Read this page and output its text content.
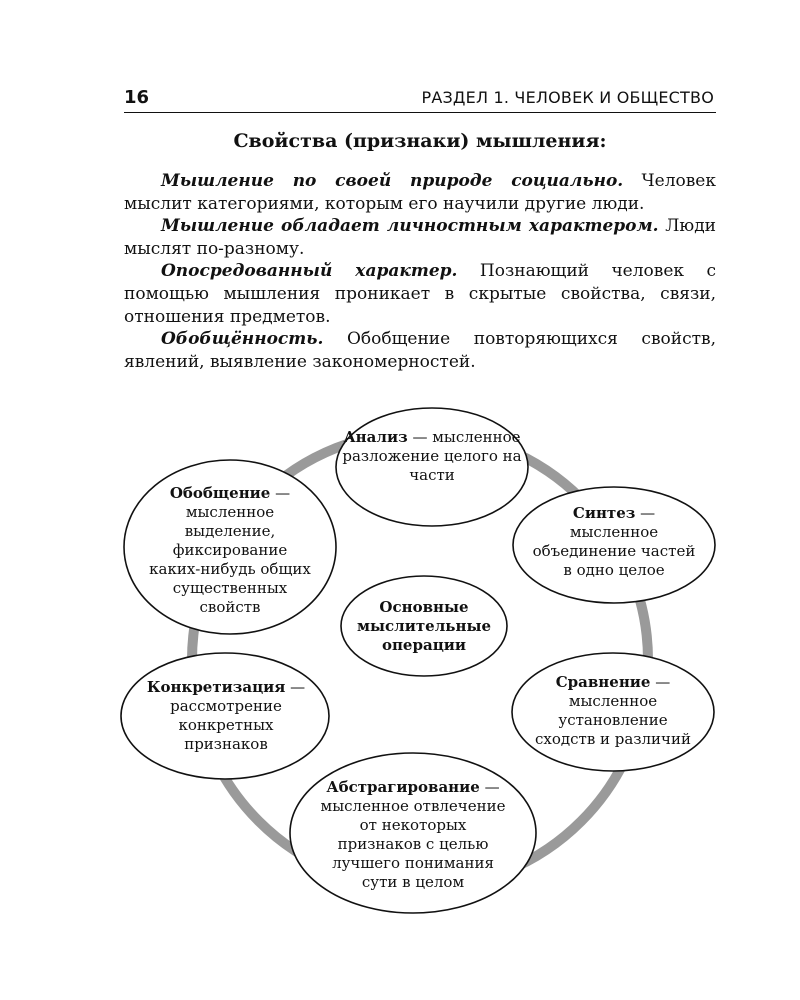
16	РАЗДЕЛ 1. ЧЕЛОВЕК И ОБЩЕСТВО
Свойства (признаки) мышления:

Мышление по своей природе социально. Человек мыслит категориями, которым его научили другие люди.

Мышление обладает личностным характером. Люди мыслят по-разному.

Опосредованный характер. Познающий человек с помощью мышления проникает в скрытые свойства, связи, отношения предметов.

Обобщённость. Обобщение повторяющихся свойств, явлений, выявление закономерностей.

Анализ — мысленное разложение целого на части
Синтез — мысленное объединение частей в одно целое
Сравнение — мысленное установление сходств и различий
Абстрагирование — мысленное отвлечение от некоторых признаков с целью лучшего понимания сути в целом
Конкретизация — рассмотрение конкретных признаков
Обобщение — мысленное выделение, фиксирование каких-нибудь общих существенных свойств	Основные мыслительные операции
